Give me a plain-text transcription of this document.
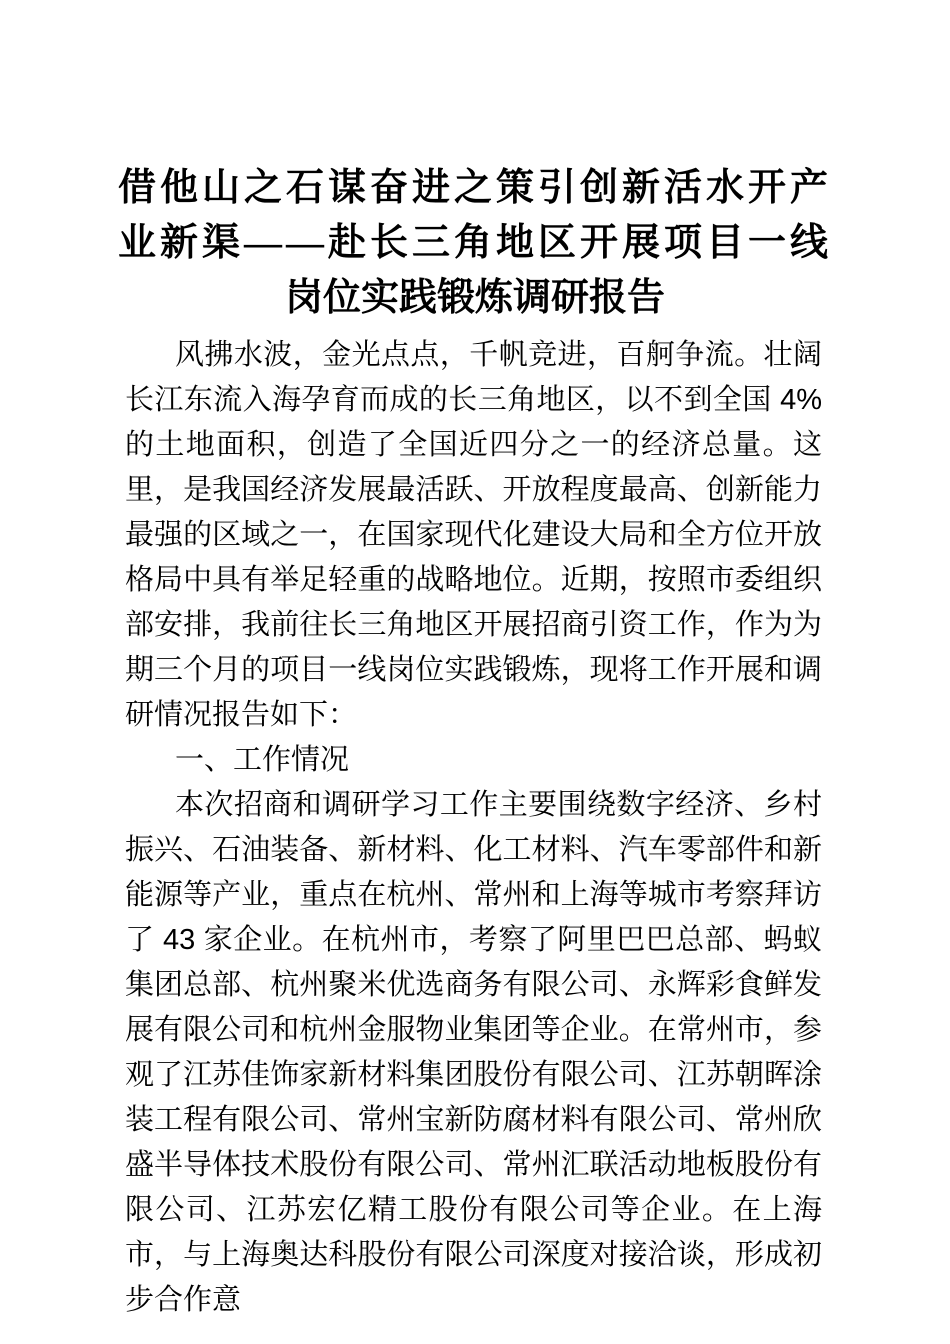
借他山之石谋奋进之策引创新活水开产
业新渠——赴长三角地区开展项目一线
岗位实践锻炼调研报告

风拂水波，金光点点，千帆竞进，百舸争流。壮阔长江东流入海孕育而成的长三角地区，以不到全国 4%的土地面积，创造了全国近四分之一的经济总量。这里，是我国经济发展最活跃、开放程度最高、创新能力最强的区域之一，在国家现代化建设大局和全方位开放格局中具有举足轻重的战略地位。近期，按照市委组织部安排，我前往长三角地区开展招商引资工作，作为为期三个月的项目一线岗位实践锻炼，现将工作开展和调研情况报告如下：

一、工作情况

本次招商和调研学习工作主要围绕数字经济、乡村振兴、石油装备、新材料、化工材料、汽车零部件和新能源等产业，重点在杭州、常州和上海等城市考察拜访了 43 家企业。在杭州市，考察了阿里巴巴总部、蚂蚁集团总部、杭州聚米优选商务有限公司、永辉彩食鲜发展有限公司和杭州金服物业集团等企业。在常州市，参观了江苏佳饰家新材料集团股份有限公司、江苏朝晖涂装工程有限公司、常州宝新防腐材料有限公司、常州欣盛半导体技术股份有限公司、常州汇联活动地板股份有限公司、江苏宏亿精工股份有限公司等企业。在上海市，与上海奥达科股份有限公司深度对接洽谈，形成初步合作意
